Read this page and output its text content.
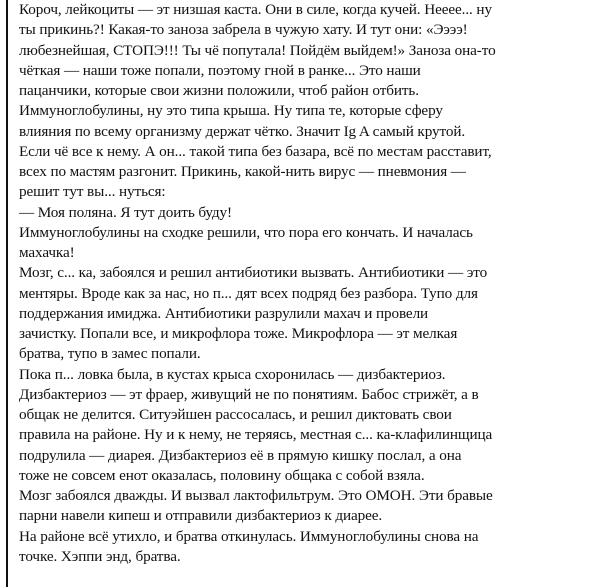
Короч, лейкоциты — эт низшая каста. Они в силе, когда кучей. Нееее... ну
ты прикинь?! Какая-то заноза забрела в чужую хату. И тут они: «Ээээ!
любезнейшая, СТОПЭ!!! Ты чё попутала! Пойдём выйдем!» Заноза она-то
чёткая — наши тоже попали, поэтому гной в ранке... Это наши
пацанчики, которые свои жизни положили, чтоб район отбить.
Иммуноглобулины, ну это типа крыша. Ну типа те, которые сферу
влияния по всему организму держат чётко. Значит Ig A самый крутой.
Если чё все к нему. А он... такой типа без базара, всё по местам расставит,
всех по мастям разгонит. Прикинь, какой-нить вирус — пневмония —
решит тут вы... нуться:
— Моя поляна. Я тут доить буду!
Иммуноглобулины на сходке решили, что пора его кончать. И началась
махачка!
Мозг, с... ка, забоялся и решил антибиотики вызвать. Антибиотики — это
ментяры. Вроде как за нас, но п... дят всех подряд без разбора. Тупо для
поддержания имиджа. Антибиотики разрулили махач и провели
зачистку. Попали все, и микрофлора тоже. Микрофлора — эт мелкая
братва, тупо в замес попали.
Пока п... ловка была, в кустах крыса схоронилась — дизбактериоз.
Дизбактериоз — эт фраер, живущий не по понятиям. Бабос стрижёт, а в
общак не делится. Ситуэйшен рассосалась, и решил диктовать свои
правила на районе. Ну и к нему, не теряясь, местная с... ка-клафилинщица
подрулила — диарея. Дизбактериоз её в прямую кишку послал, а она
тоже не совсем енот оказалась, половину общака с собой взяла.
Мозг забоялся дважды. И вызвал лактофильтрум. Это ОМОН. Эти бравые
парни навели кипеш и отправили дизбактериоз к диарее.
На районе всё утихло, и братва откинулась. Иммуноглобулины снова на
точке. Хэппи энд, братва.
